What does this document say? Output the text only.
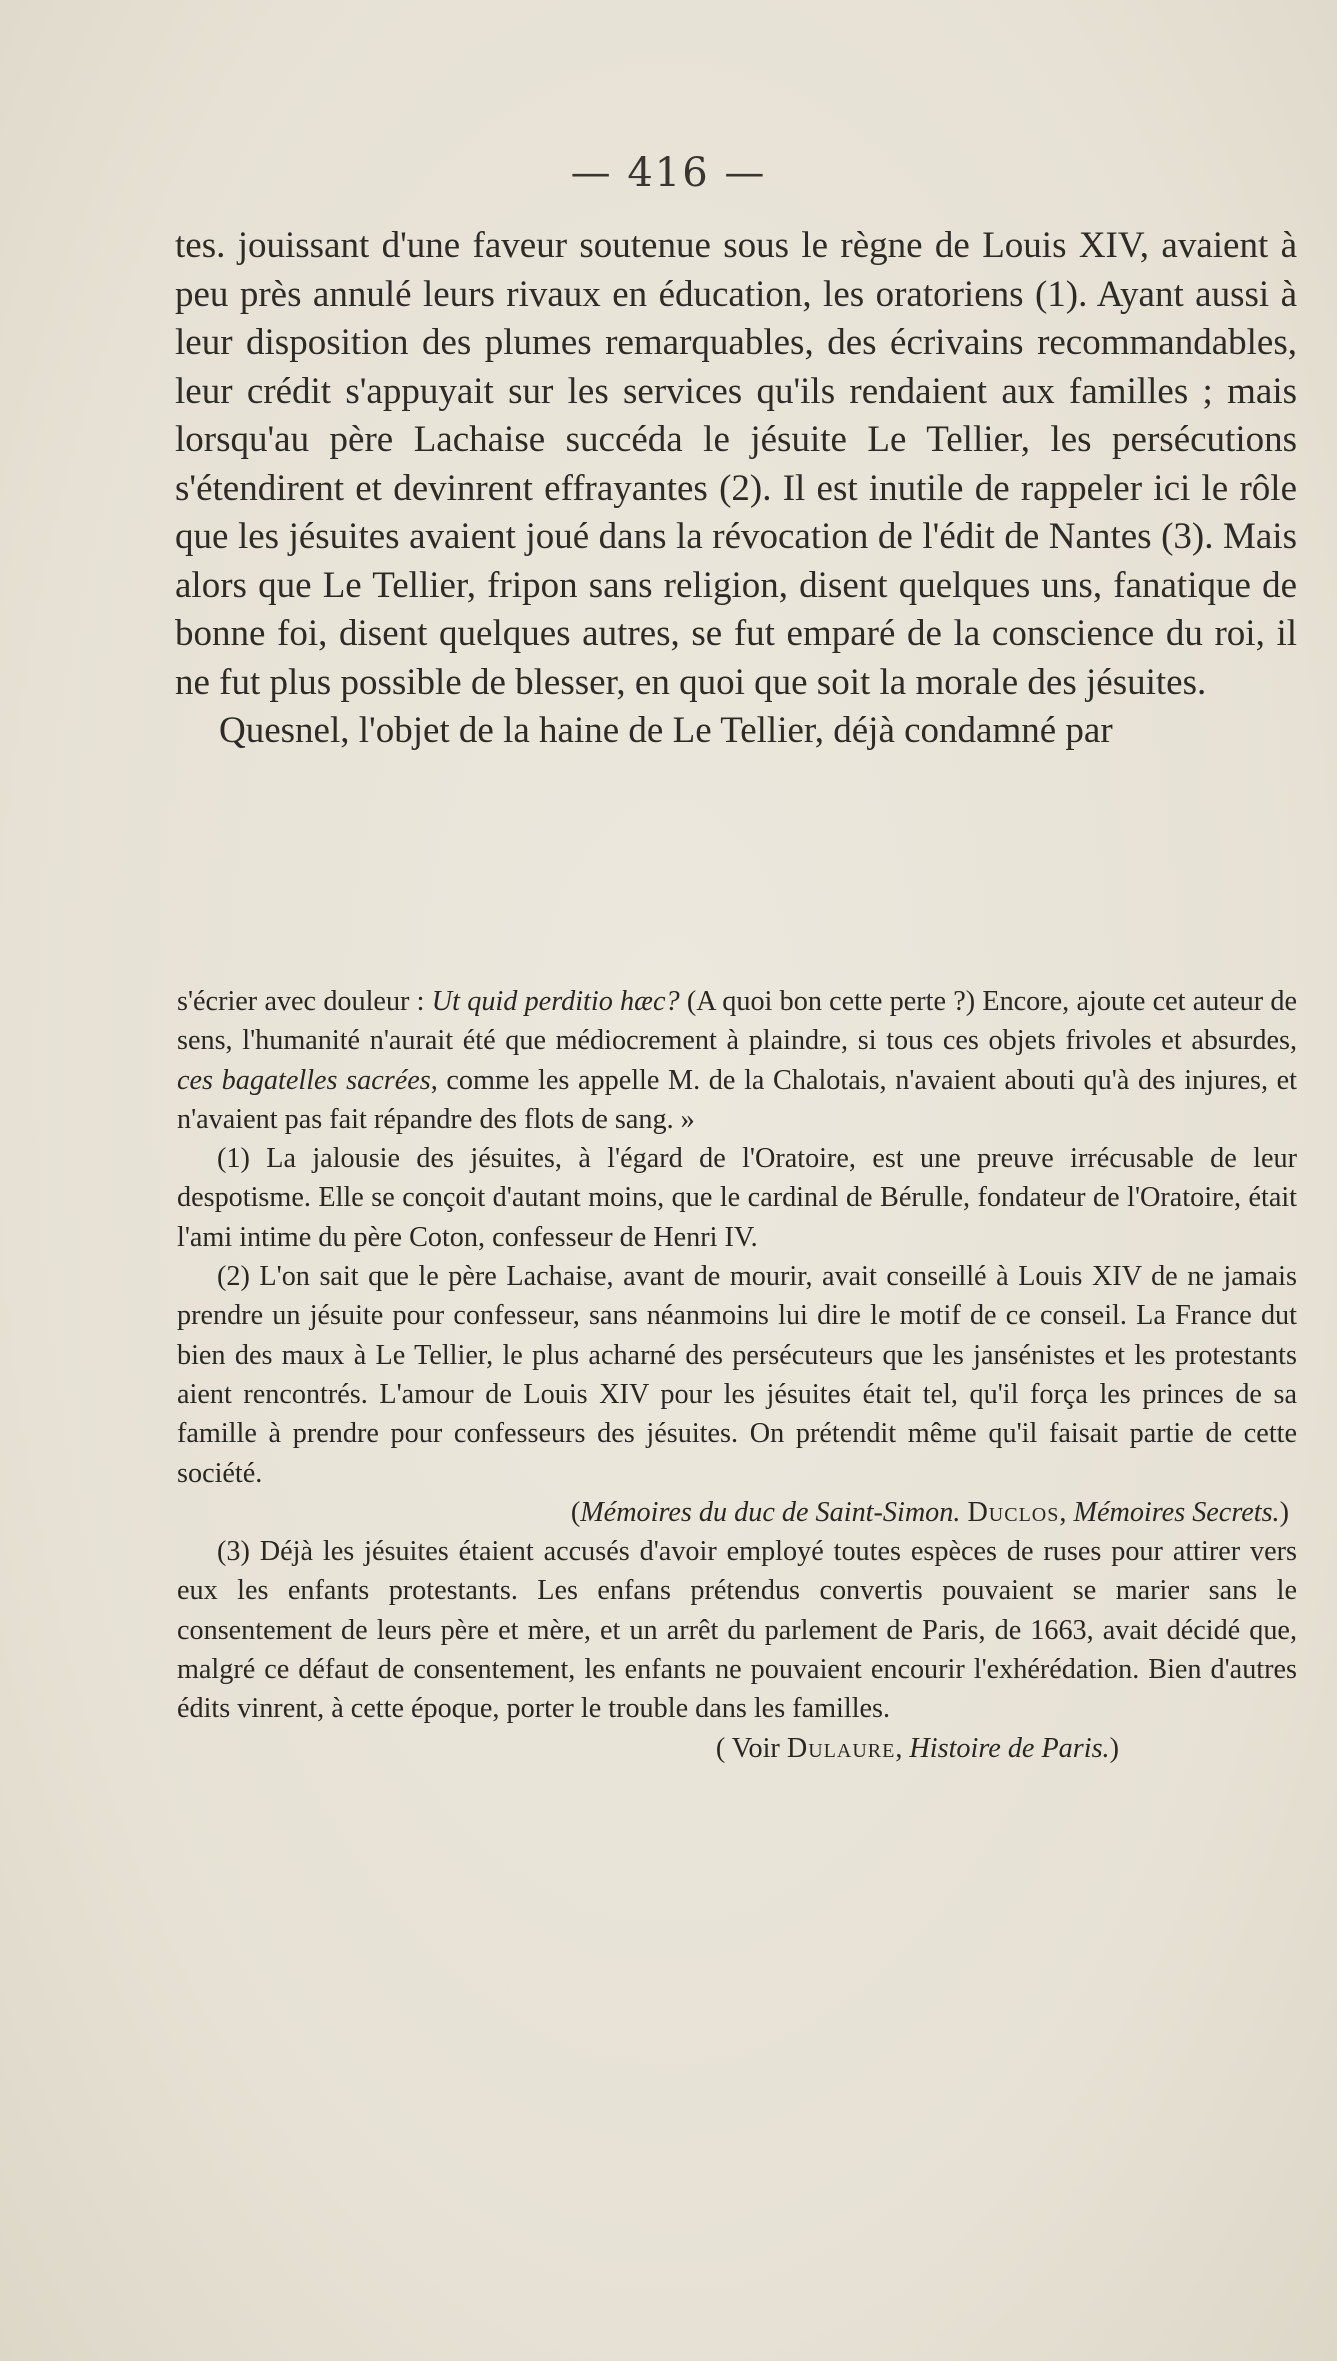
— 416 —

tes. jouissant d'une faveur soutenue sous le règne de Louis XIV, avaient à peu près annulé leurs rivaux en éducation, les oratoriens (1). Ayant aussi à leur disposition des plumes remarquables, des écrivains recommandables, leur crédit s'appuyait sur les services qu'ils rendaient aux familles ; mais lorsqu'au père Lachaise succéda le jésuite Le Tellier, les persécutions s'étendirent et devinrent effrayantes (2). Il est inutile de rappeler ici le rôle que les jésuites avaient joué dans la révocation de l'édit de Nantes (3). Mais alors que Le Tellier, fripon sans religion, disent quelques uns, fanatique de bonne foi, disent quelques autres, se fut emparé de la conscience du roi, il ne fut plus possible de blesser, en quoi que soit la morale des jésuites.

Quesnel, l'objet de la haine de Le Tellier, déjà condamné par

s'écrier avec douleur : Ut quid perditio hæc? (A quoi bon cette perte ?) Encore, ajoute cet auteur de sens, l'humanité n'aurait été que médiocrement à plaindre, si tous ces objets frivoles et absurdes, ces bagatelles sacrées, comme les appelle M. de la Chalotais, n'avaient abouti qu'à des injures, et n'avaient pas fait répandre des flots de sang. »

(1) La jalousie des jésuites, à l'égard de l'Oratoire, est une preuve irrécusable de leur despotisme. Elle se conçoit d'autant moins, que le cardinal de Bérulle, fondateur de l'Oratoire, était l'ami intime du père Coton, confesseur de Henri IV.

(2) L'on sait que le père Lachaise, avant de mourir, avait conseillé à Louis XIV de ne jamais prendre un jésuite pour confesseur, sans néanmoins lui dire le motif de ce conseil. La France dut bien des maux à Le Tellier, le plus acharné des persécuteurs que les jansénistes et les protestants aient rencontrés. L'amour de Louis XIV pour les jésuites était tel, qu'il força les princes de sa famille à prendre pour confesseurs des jésuites. On prétendit même qu'il faisait partie de cette société.

(Mémoires du duc de Saint-Simon. Duclos, Mémoires Secrets.)

(3) Déjà les jésuites étaient accusés d'avoir employé toutes espèces de ruses pour attirer vers eux les enfants protestants. Les enfans prétendus convertis pouvaient se marier sans le consentement de leurs père et mère, et un arrêt du parlement de Paris, de 1663, avait décidé que, malgré ce défaut de consentement, les enfants ne pouvaient encourir l'exhérédation. Bien d'autres édits vinrent, à cette époque, porter le trouble dans les familles.

( Voir Dulaure, Histoire de Paris.)
